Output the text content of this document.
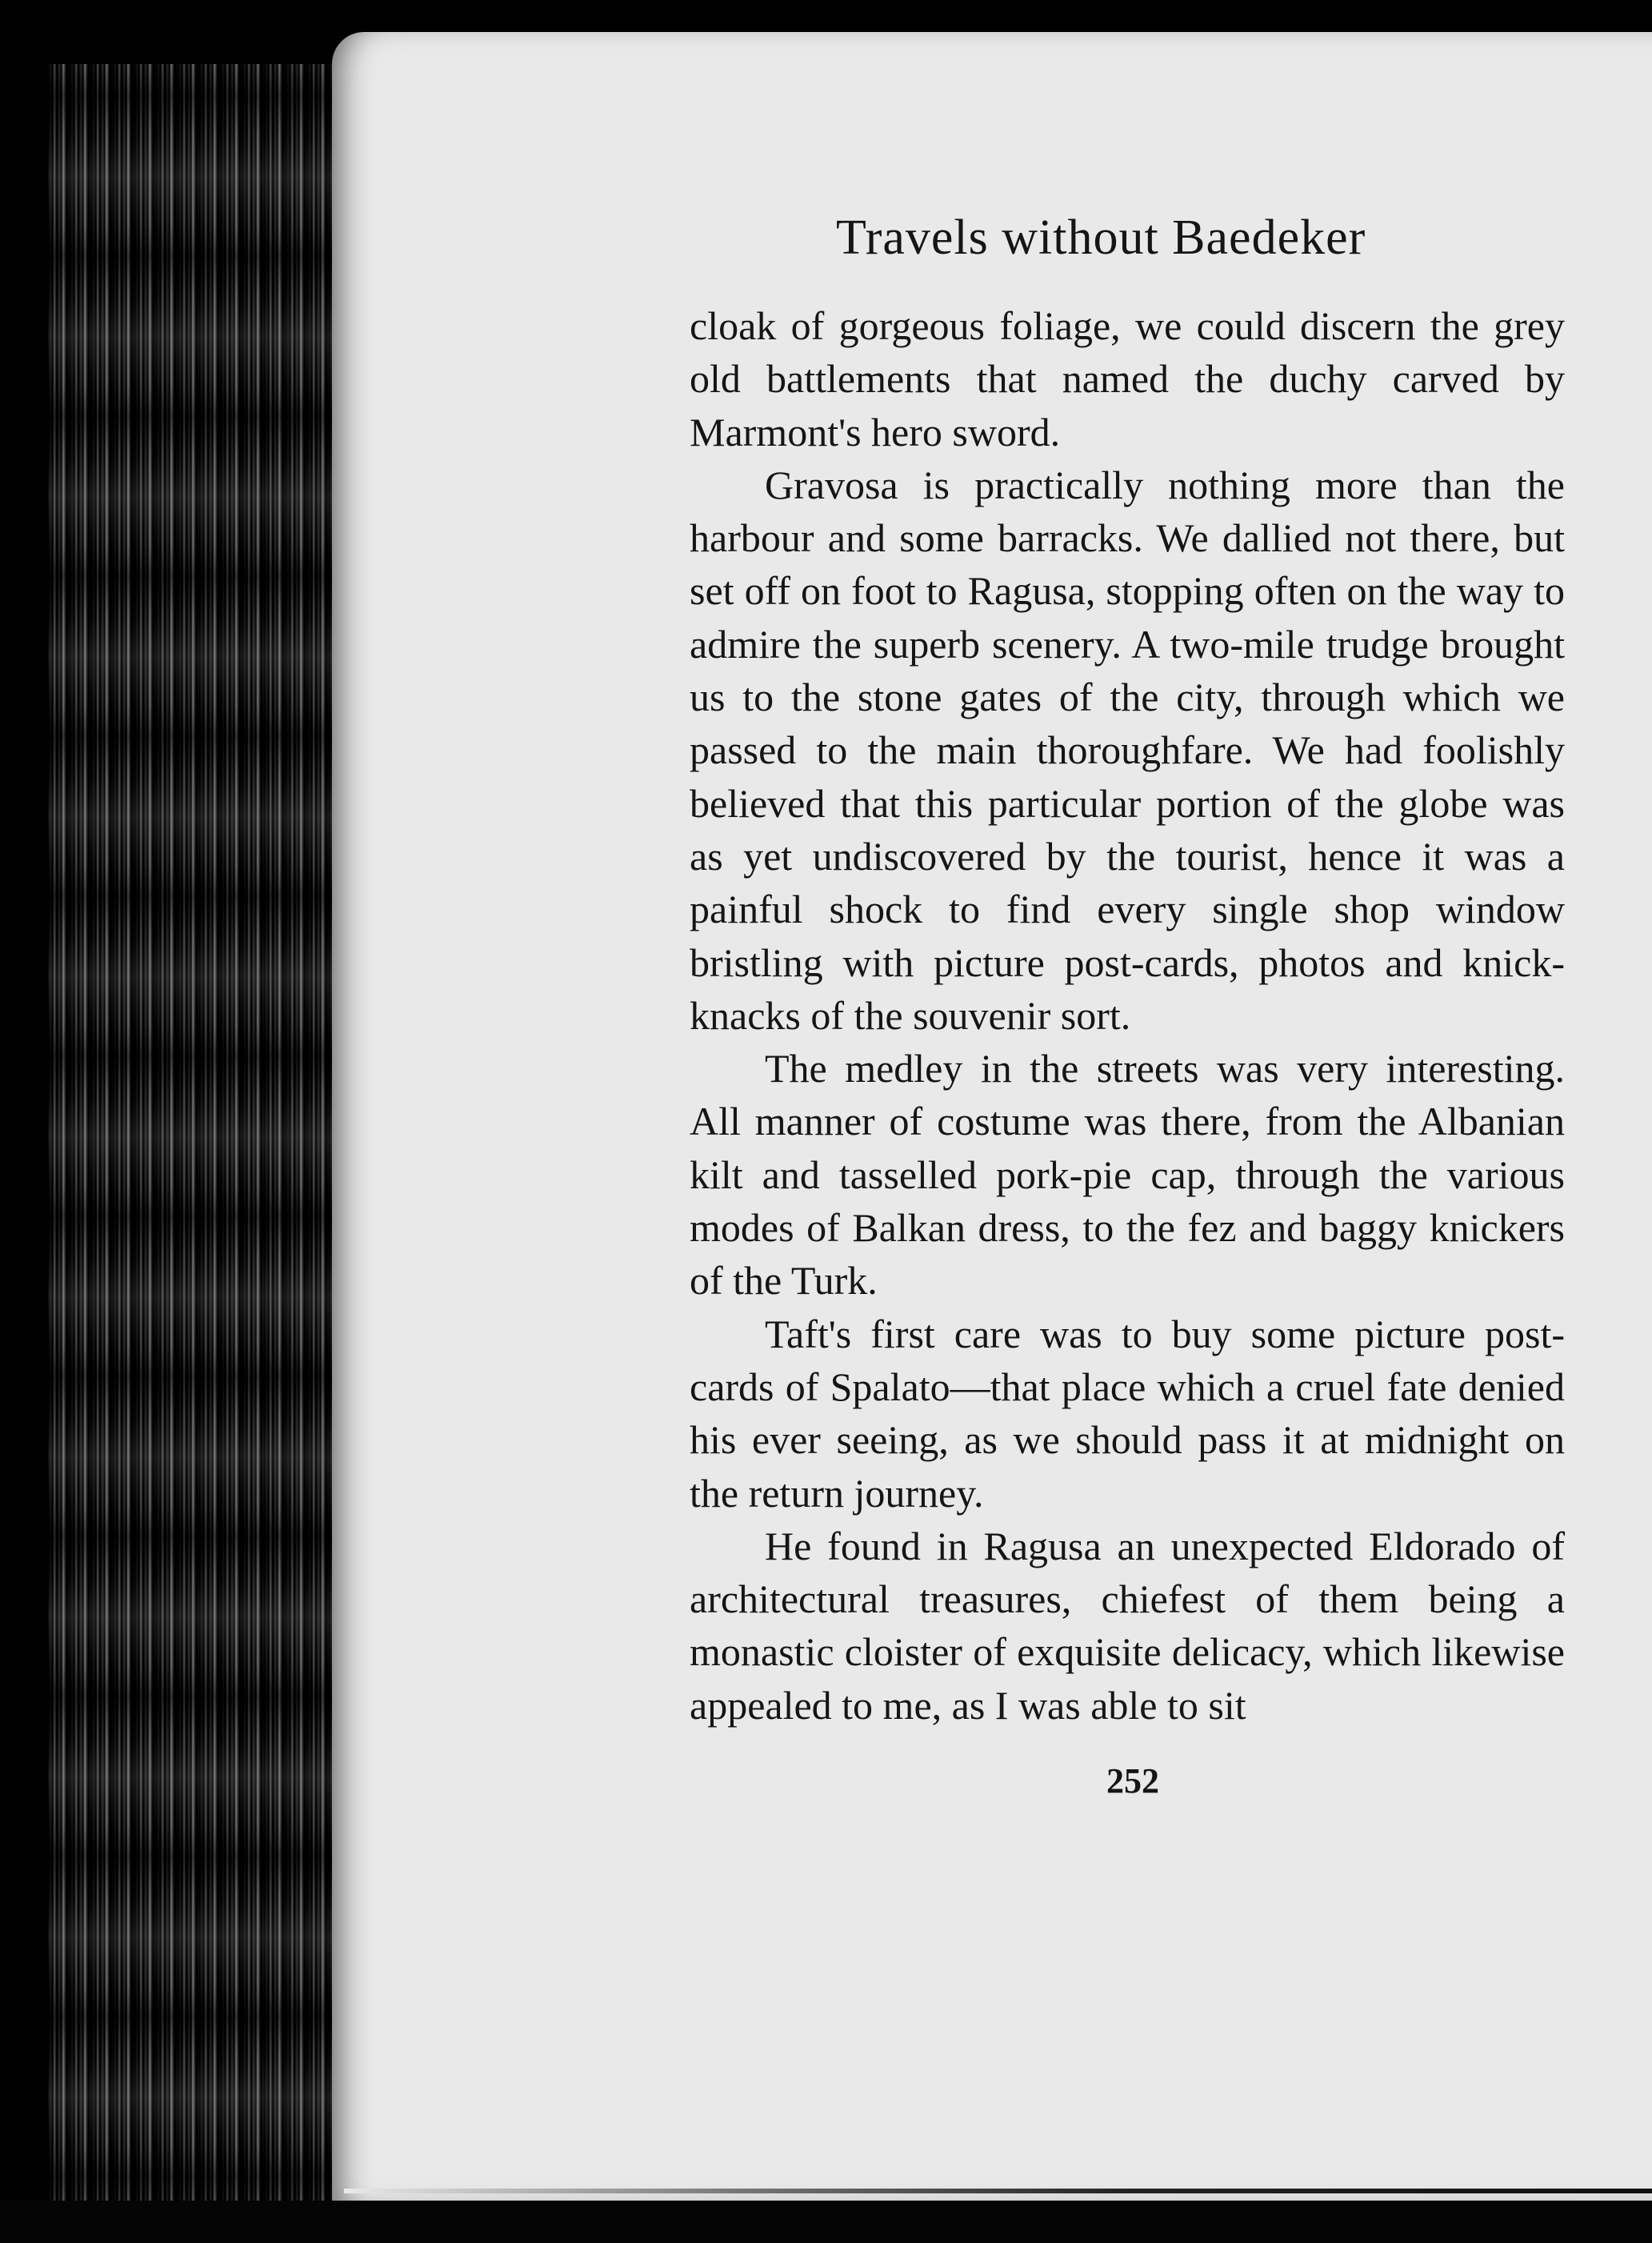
Travels without Baedeker

cloak of gorgeous foliage, we could discern the grey old battlements that named the duchy carved by Marmont's hero sword.

Gravosa is practically nothing more than the harbour and some barracks. We dallied not there, but set off on foot to Ragusa, stopping often on the way to admire the superb scenery. A two-mile trudge brought us to the stone gates of the city, through which we passed to the main thoroughfare. We had foolishly believed that this particular portion of the globe was as yet undiscovered by the tourist, hence it was a painful shock to find every single shop window bristling with picture post-cards, photos and knick-knacks of the souvenir sort.

The medley in the streets was very interesting. All manner of costume was there, from the Albanian kilt and tasselled pork-pie cap, through the various modes of Balkan dress, to the fez and baggy knickers of the Turk.

Taft's first care was to buy some picture post-cards of Spalato—that place which a cruel fate denied his ever seeing, as we should pass it at midnight on the return journey.

He found in Ragusa an unexpected Eldorado of architectural treasures, chiefest of them being a monastic cloister of exquisite delicacy, which likewise appealed to me, as I was able to sit

252
